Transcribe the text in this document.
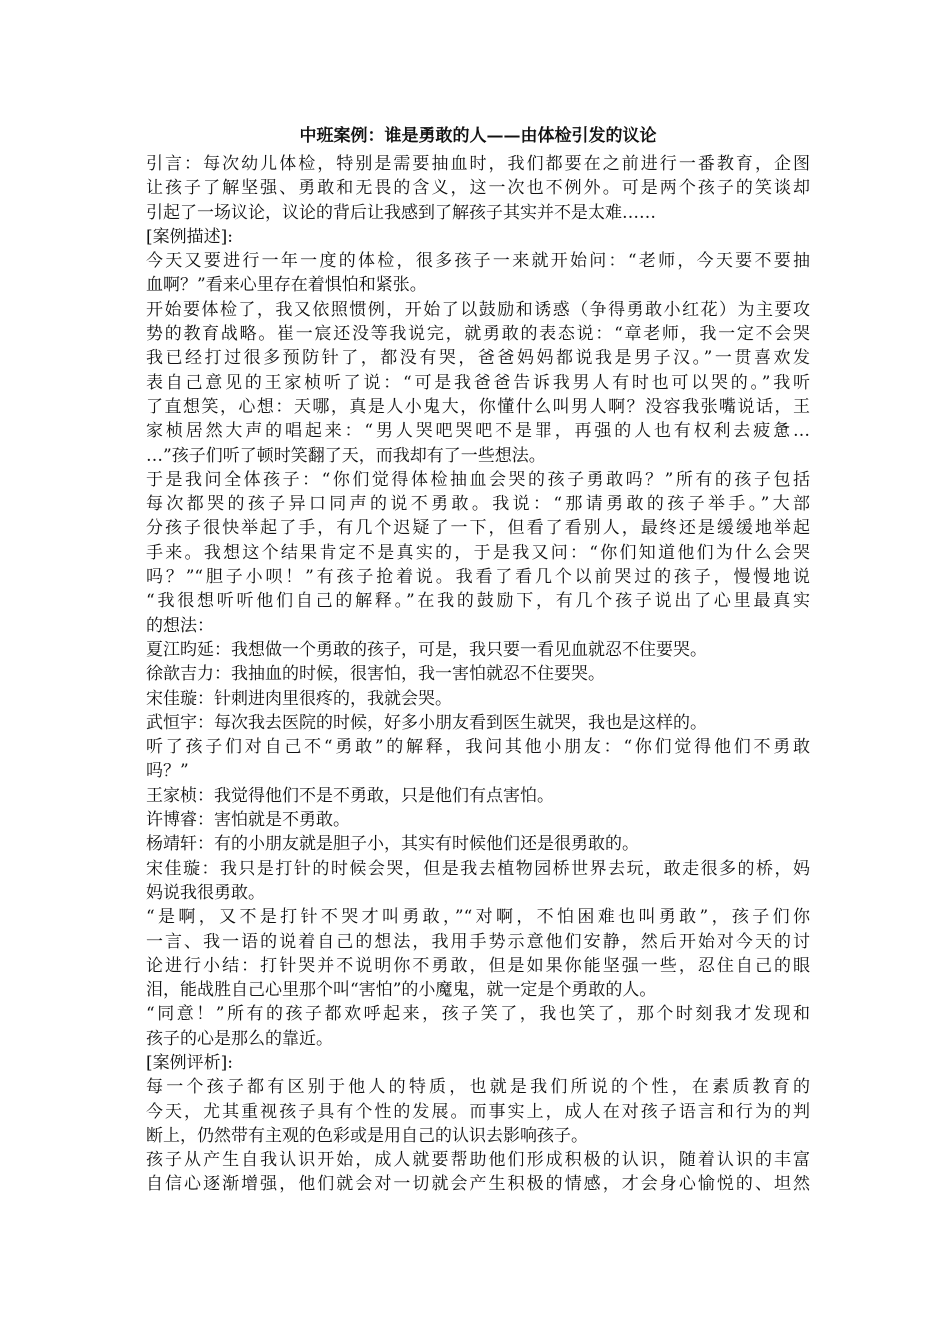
中班案例：谁是勇敢的人——由体检引发的议论
引言：每次幼儿体检，特别是需要抽血时，我们都要在之前进行一番教育，企图
让孩子了解坚强、勇敢和无畏的含义，这一次也不例外。可是两个孩子的笑谈却
引起了一场议论，议论的背后让我感到了解孩子其实并不是太难……
[案例描述]:
今天又要进行一年一度的体检，很多孩子一来就开始问：“老师，今天要不要抽
血啊？”看来心里存在着惧怕和紧张。
开始要体检了，我又依照惯例，开始了以鼓励和诱惑（争得勇敢小红花）为主要攻
势的教育战略。崔一宸还没等我说完，就勇敢的表态说：“章老师，我一定不会哭
我已经打过很多预防针了，都没有哭，爸爸妈妈都说我是男子汉。”一贯喜欢发
表自己意见的王家桢听了说：“可是我爸爸告诉我男人有时也可以哭的。”我听
了直想笑，心想：天哪，真是人小鬼大，你懂什么叫男人啊？没容我张嘴说话，王
家桢居然大声的唱起来：“男人哭吧哭吧不是罪，再强的人也有权利去疲惫…
…”孩子们听了顿时笑翻了天，而我却有了一些想法。
于是我问全体孩子：“你们觉得体检抽血会哭的孩子勇敢吗？”所有的孩子包括
每次都哭的孩子异口同声的说不勇敢。我说：“那请勇敢的孩子举手。”大部
分孩子很快举起了手，有几个迟疑了一下，但看了看别人，最终还是缓缓地举起
手来。我想这个结果肯定不是真实的，于是我又问：“你们知道他们为什么会哭
吗？”“胆子小呗！”有孩子抢着说。我看了看几个以前哭过的孩子，慢慢地说
“我很想听听他们自己的解释。”在我的鼓励下，有几个孩子说出了心里最真实
的想法：
夏江昀延：我想做一个勇敢的孩子，可是，我只要一看见血就忍不住要哭。
徐歆吉力：我抽血的时候，很害怕，我一害怕就忍不住要哭。
宋佳璇：针刺进肉里很疼的，我就会哭。
武恒宇：每次我去医院的时候，好多小朋友看到医生就哭，我也是这样的。
听了孩子们对自己不“勇敢”的解释，我问其他小朋友：“你们觉得他们不勇敢
吗？”
王家桢：我觉得他们不是不勇敢，只是他们有点害怕。
许博睿：害怕就是不勇敢。
杨靖轩：有的小朋友就是胆子小，其实有时候他们还是很勇敢的。
宋佳璇：我只是打针的时候会哭，但是我去植物园桥世界去玩，敢走很多的桥，妈
妈说我很勇敢。
“是啊，又不是打针不哭才叫勇敢，”“对啊，不怕困难也叫勇敢”，孩子们你
一言、我一语的说着自己的想法，我用手势示意他们安静，然后开始对今天的讨
论进行小结：打针哭并不说明你不勇敢，但是如果你能坚强一些，忍住自己的眼
泪，能战胜自己心里那个叫“害怕”的小魔鬼，就一定是个勇敢的人。
“同意！”所有的孩子都欢呼起来，孩子笑了，我也笑了，那个时刻我才发现和
孩子的心是那么的靠近。
[案例评析]:
每一个孩子都有区别于他人的特质，也就是我们所说的个性，在素质教育的
今天，尤其重视孩子具有个性的发展。而事实上，成人在对孩子语言和行为的判
断上，仍然带有主观的色彩或是用自己的认识去影响孩子。
孩子从产生自我认识开始，成人就要帮助他们形成积极的认识，随着认识的丰富
自信心逐渐增强，他们就会对一切就会产生积极的情感，才会身心愉悦的、坦然
